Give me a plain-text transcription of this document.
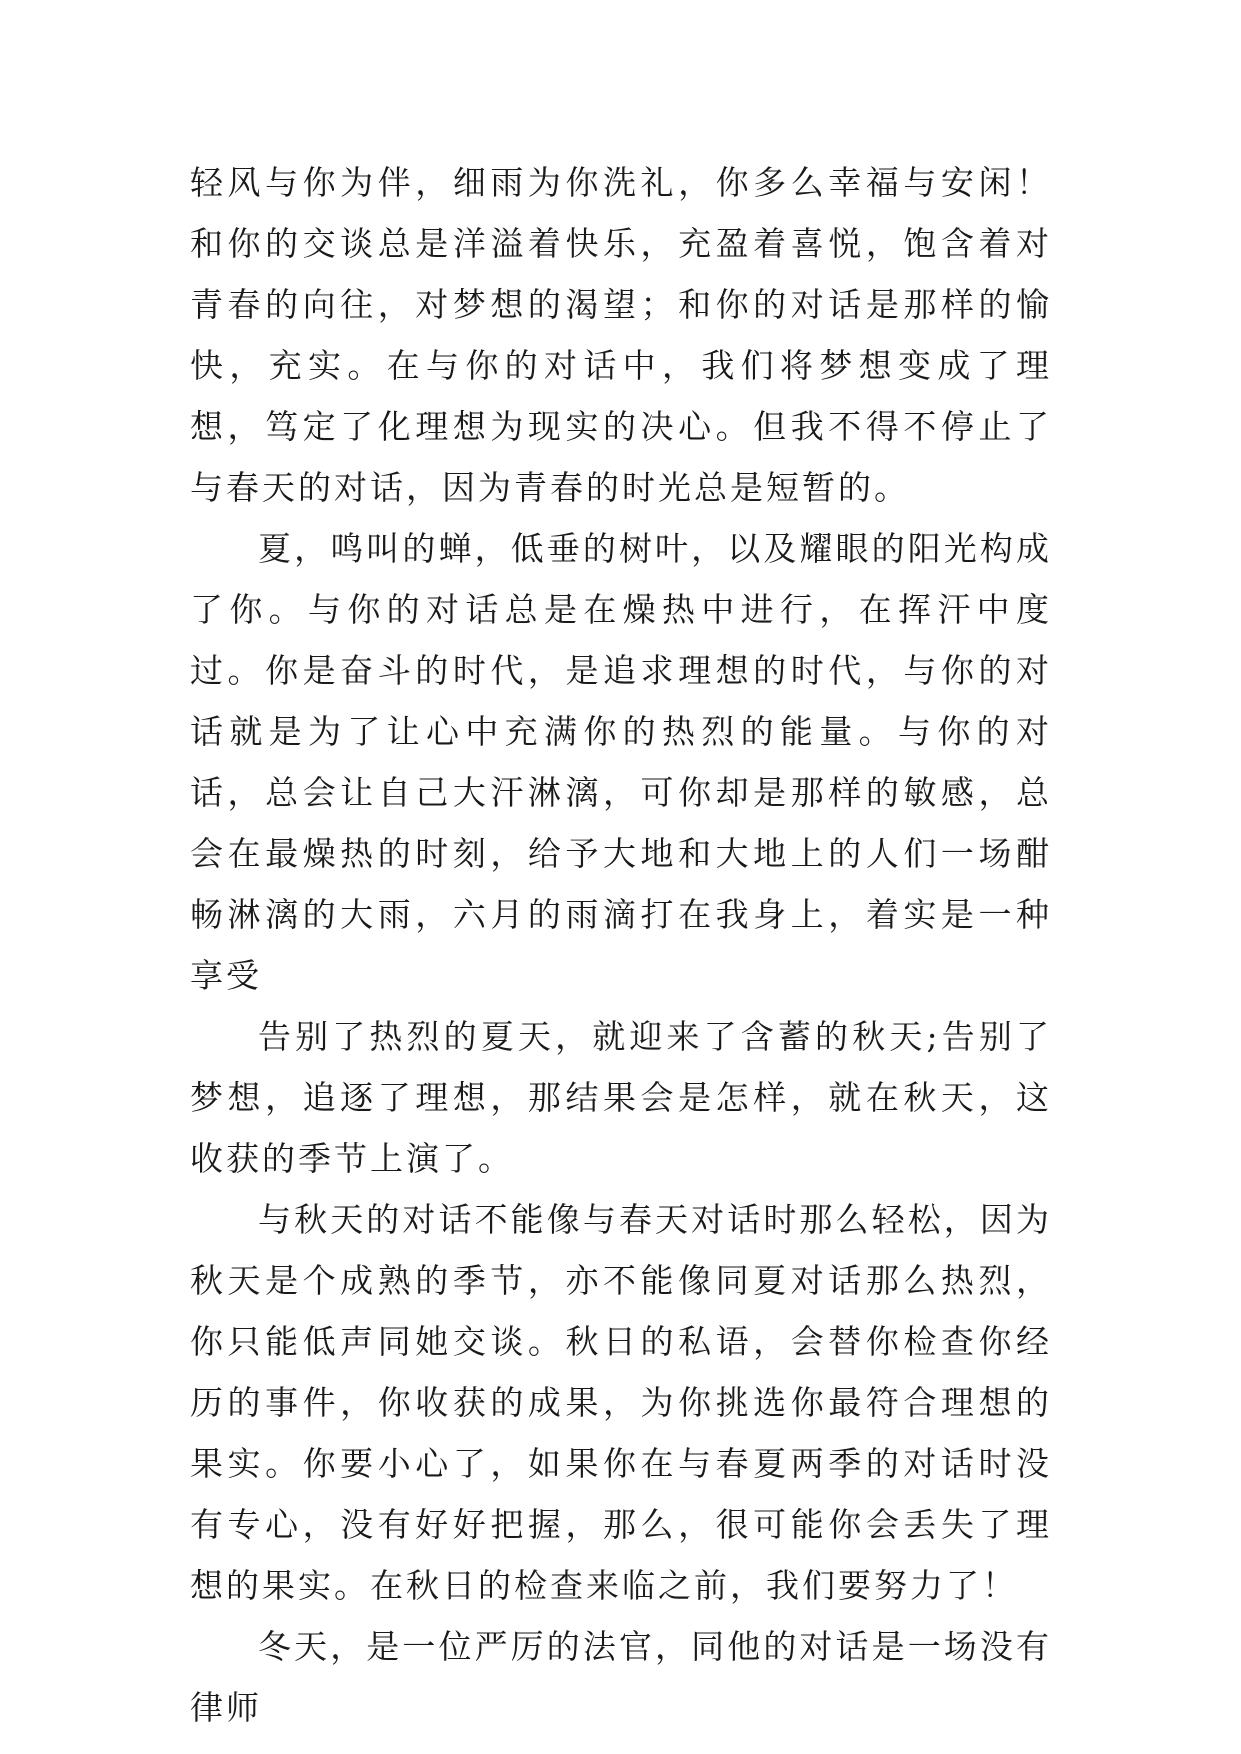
轻风与你为伴，细雨为你洗礼，你多么幸福与安闲！和你的交谈总是洋溢着快乐，充盈着喜悦，饱含着对青春的向往，对梦想的渴望；和你的对话是那样的愉快，充实。在与你的对话中，我们将梦想变成了理想，笃定了化理想为现实的决心。但我不得不停止了与春天的对话，因为青春的时光总是短暂的。

夏，鸣叫的蝉，低垂的树叶，以及耀眼的阳光构成了你。与你的对话总是在燥热中进行，在挥汗中度过。你是奋斗的时代，是追求理想的时代，与你的对话就是为了让心中充满你的热烈的能量。与你的对话，总会让自己大汗淋漓，可你却是那样的敏感，总会在最燥热的时刻，给予大地和大地上的人们一场酣畅淋漓的大雨，六月的雨滴打在我身上，着实是一种享受

告别了热烈的夏天，就迎来了含蓄的秋天;告别了梦想，追逐了理想，那结果会是怎样，就在秋天，这收获的季节上演了。

与秋天的对话不能像与春天对话时那么轻松，因为秋天是个成熟的季节，亦不能像同夏对话那么热烈，你只能低声同她交谈。秋日的私语，会替你检查你经历的事件，你收获的成果，为你挑选你最符合理想的果实。你要小心了，如果你在与春夏两季的对话时没有专心，没有好好把握，那么，很可能你会丢失了理想的果实。在秋日的检查来临之前，我们要努力了！

冬天，是一位严厉的法官，同他的对话是一场没有律师
